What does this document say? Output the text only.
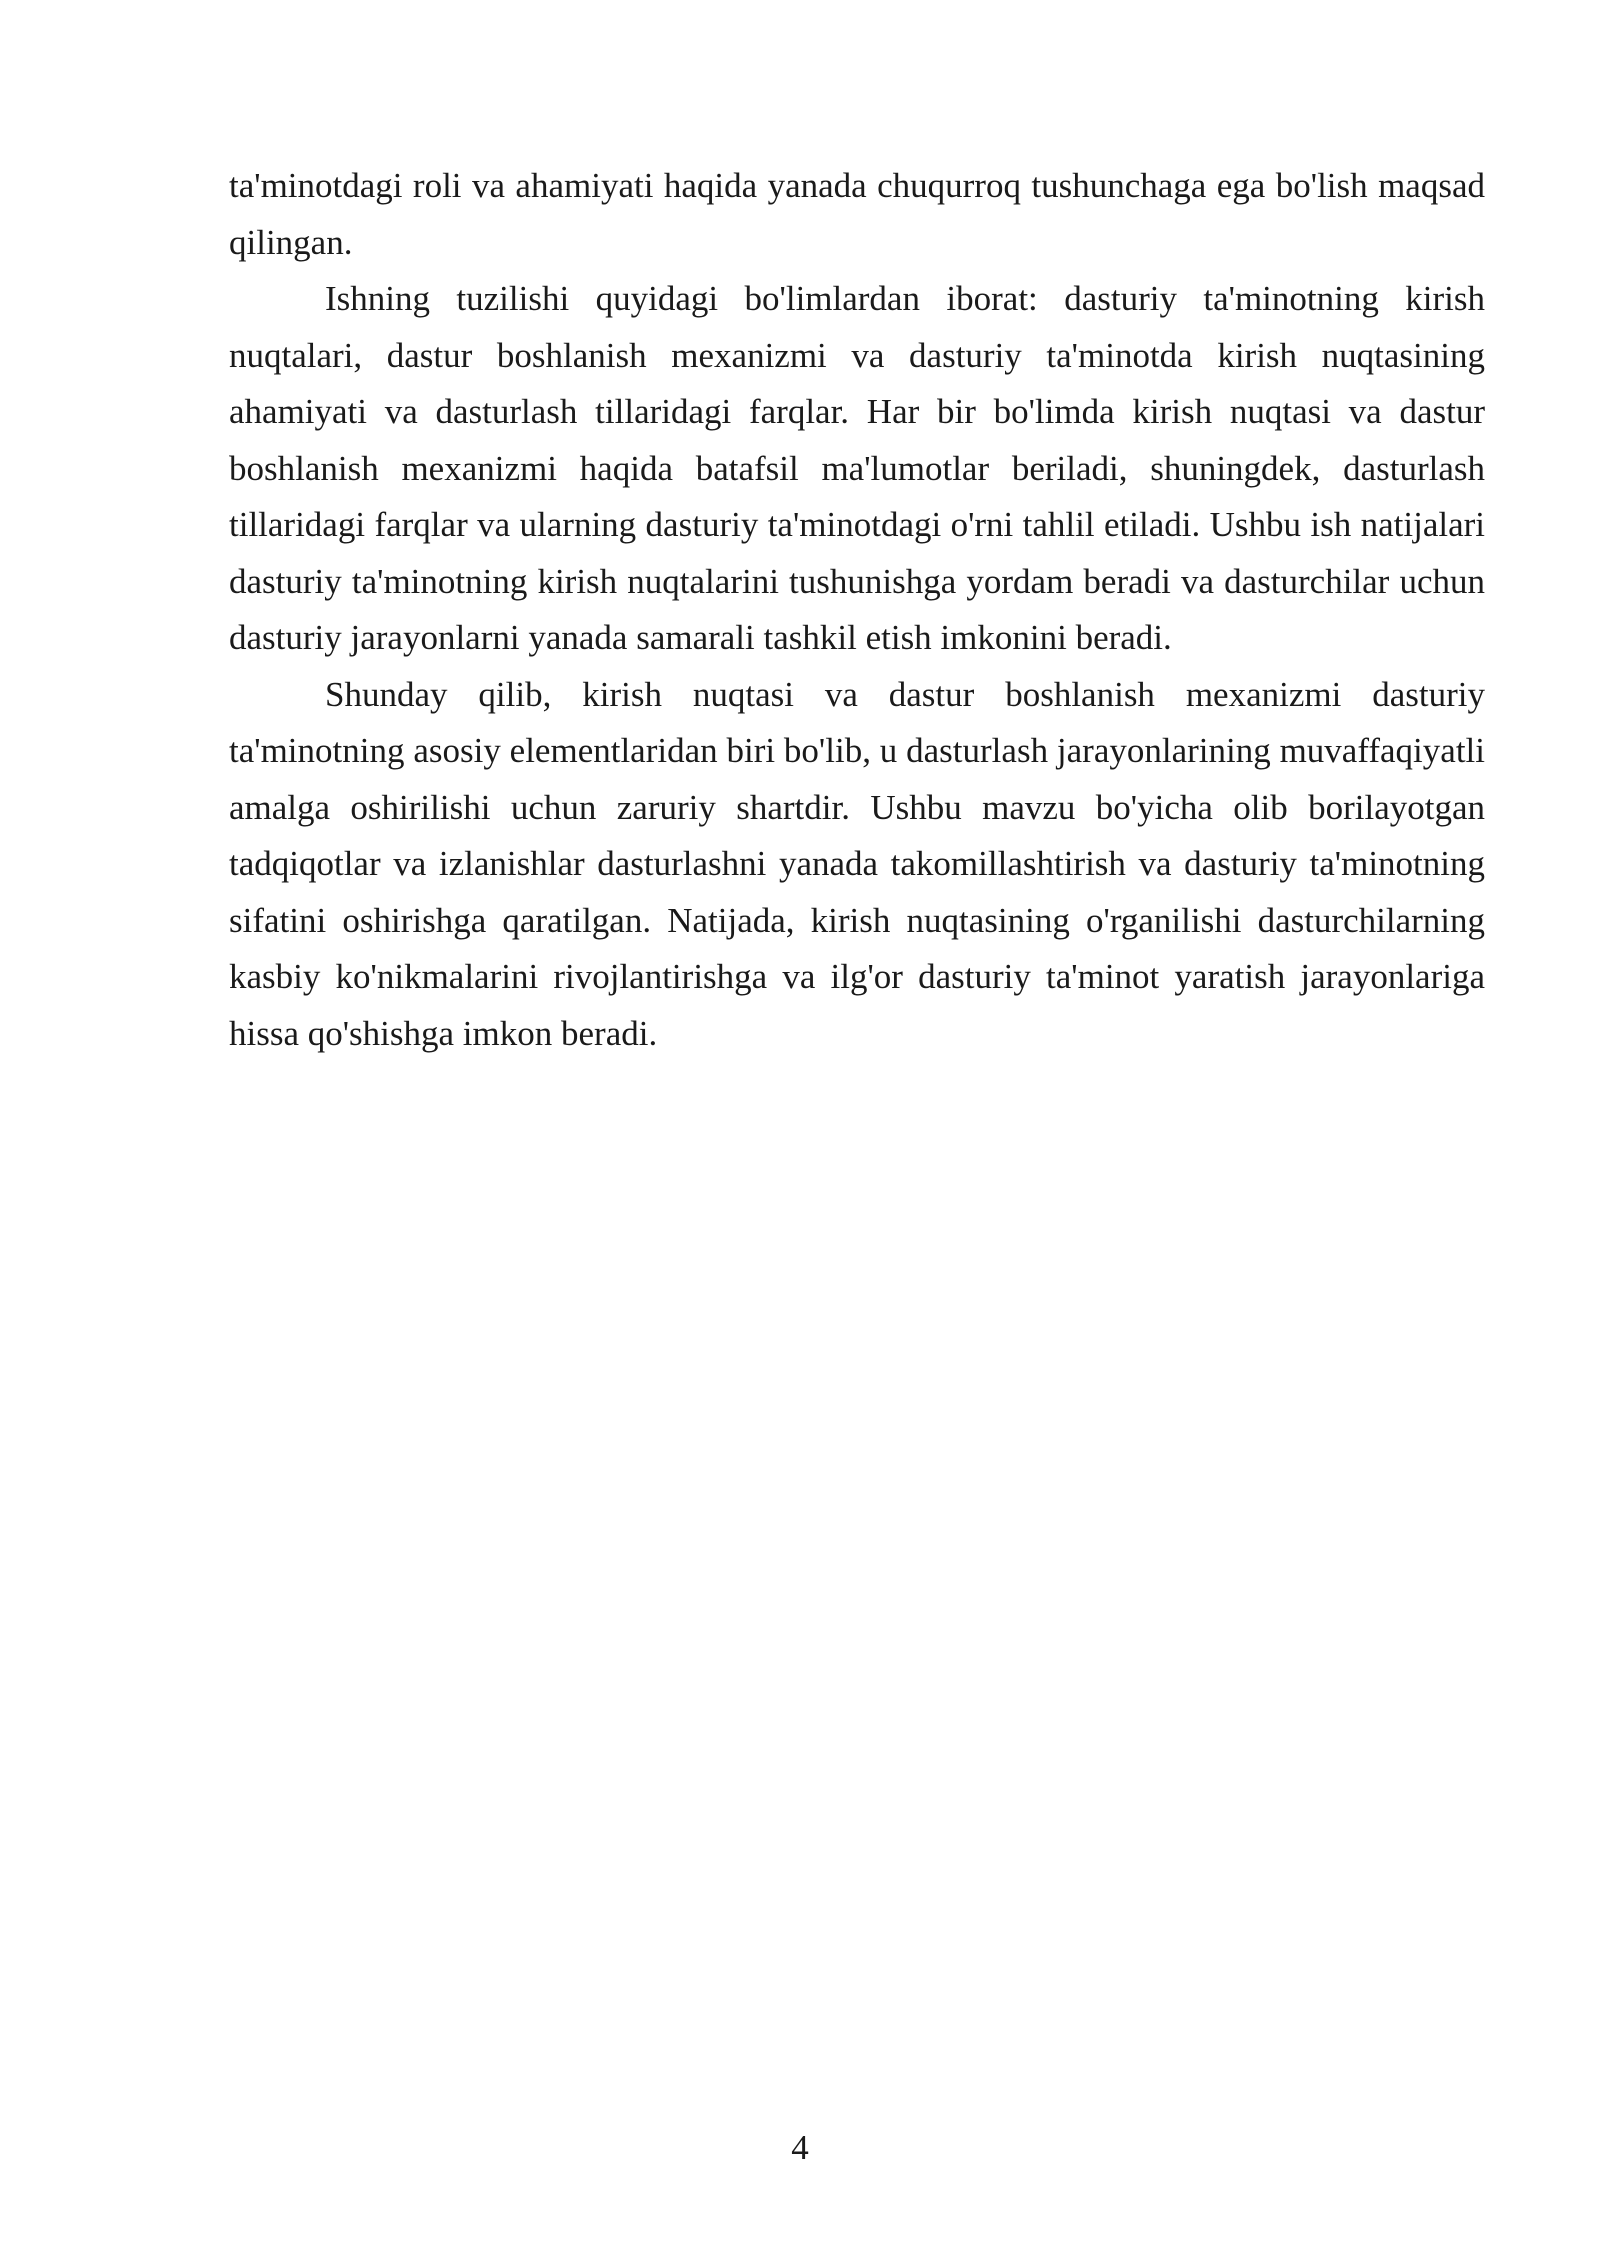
ta'minotdagi roli va ahamiyati haqida yanada chuqurroq tushunchaga ega bo'lish maqsad qilingan.

Ishning tuzilishi quyidagi bo'limlardan iborat: dasturiy ta'minotning kirish nuqtalari, dastur boshlanish mexanizmi va dasturiy ta'minotda kirish nuqtasining ahamiyati va dasturlash tillaridagi farqlar. Har bir bo'limda kirish nuqtasi va dastur boshlanish mexanizmi haqida batafsil ma'lumotlar beriladi, shuningdek, dasturlash tillaridagi farqlar va ularning dasturiy ta'minotdagi o'rni tahlil etiladi. Ushbu ish natijalari dasturiy ta'minotning kirish nuqtalarini tushunishga yordam beradi va dasturchilar uchun dasturiy jarayonlarni yanada samarali tashkil etish imkonini beradi.

Shunday qilib, kirish nuqtasi va dastur boshlanish mexanizmi dasturiy ta'minotning asosiy elementlaridan biri bo'lib, u dasturlash jarayonlarining muvaffaqiyatli amalga oshirilishi uchun zaruriy shartdir. Ushbu mavzu bo'yicha olib borilayotgan tadqiqotlar va izlanishlar dasturlashni yanada takomillashtirish va dasturiy ta'minotning sifatini oshirishga qaratilgan. Natijada, kirish nuqtasining o'rganilishi dasturchilarning kasbiy ko'nikmalarini rivojlantirishga va ilg'or dasturiy ta'minot yaratish jarayonlariga hissa qo'shishga imkon beradi.

4
